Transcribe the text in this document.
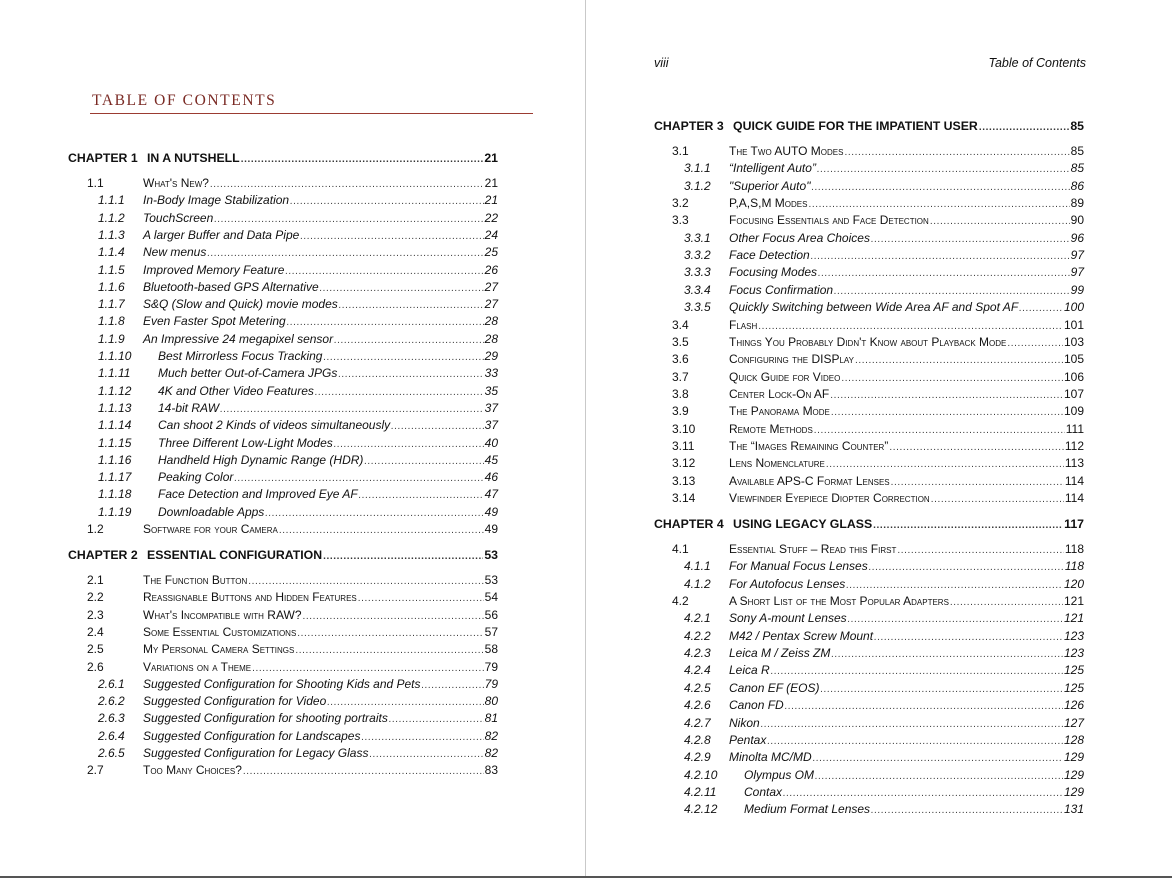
TABLE OF CONTENTS
CHAPTER 1 IN A NUTSHELL .....	21
1.1	What's New? .....	21
1.1.1 In-Body Image Stabilization .....	21
1.1.2 TouchScreen .....	22
1.1.3 A larger Buffer and Data Pipe .....	24
1.1.4 New menus .....	25
1.1.5 Improved Memory Feature .....	26
1.1.6 Bluetooth-based GPS Alternative .....	27
1.1.7 S&Q (Slow and Quick) movie modes .....	27
1.1.8 Even Faster Spot Metering .....	28
1.1.9 An Impressive 24 megapixel sensor .....	28
1.1.10 Best Mirrorless Focus Tracking .....	29
1.1.11 Much better Out-of-Camera JPGs .....	33
1.1.12 4K and Other Video Features .....	35
1.1.13 14-bit RAW .....	37
1.1.14 Can shoot 2 Kinds of videos simultaneously .....	37
1.1.15 Three Different Low-Light Modes .....	40
1.1.16 Handheld High Dynamic Range (HDR) .....	45
1.1.17 Peaking Color .....	46
1.1.18 Face Detection and Improved Eye AF .....	47
1.1.19 Downloadable Apps .....	49
1.2	Software for your Camera .....	49
CHAPTER 2 ESSENTIAL CONFIGURATION .....	53
2.1	The Function Button .....	53
2.2	Reassignable Buttons and Hidden Features .....	54
2.3	What's Incompatible with RAW? .....	56
2.4	Some Essential Customizations .....	57
2.5	My Personal Camera Settings .....	58
2.6	Variations on a Theme .....	79
2.6.1 Suggested Configuration for Shooting Kids and Pets .....	79
2.6.2 Suggested Configuration for Video .....	80
2.6.3 Suggested Configuration for shooting portraits .....	81
2.6.4 Suggested Configuration for Landscapes .....	82
2.6.5 Suggested Configuration for Legacy Glass .....	82
2.7	Too Many Choices? .....	83
viii	Table of Contents
CHAPTER 3 QUICK GUIDE FOR THE IMPATIENT USER .....	85
3.1	The Two AUTO Modes .....	85
3.1.1 “Intelligent Auto” .....	85
3.1.2 "Superior Auto" .....	86
3.2	P,A,S,M Modes .....	89
3.3	Focusing Essentials and Face Detection .....	90
3.3.1 Other Focus Area Choices .....	96
3.3.2 Face Detection .....	97
3.3.3 Focusing Modes .....	97
3.3.4 Focus Confirmation .....	99
3.3.5 Quickly Switching between Wide Area AF and Spot AF .....	100
3.4	Flash .....	101
3.5	Things You Probably Didn't Know about Playback Mode .....	103
3.6	Configuring the DISPlay .....	105
3.7	Quick Guide for Video .....	106
3.8	Center Lock-On AF .....	107
3.9	The Panorama Mode .....	109
3.10	Remote Methods .....	111
3.11	The “Images Remaining Counter” .....	112
3.12	Lens Nomenclature .....	113
3.13	Available APS-C Format Lenses .....	114
3.14	Viewfinder Eyepiece Diopter Correction .....	114
CHAPTER 4 USING LEGACY GLASS .....	117
4.1	Essential Stuff – Read this First .....	118
4.1.1 For Manual Focus Lenses .....	118
4.1.2 For Autofocus Lenses .....	120
4.2	A Short List of the Most Popular Adapters .....	121
4.2.1 Sony A-mount Lenses .....	121
4.2.2 M42 / Pentax Screw Mount .....	123
4.2.3 Leica M / Zeiss ZM .....	123
4.2.4 Leica R .....	125
4.2.5 Canon EF (EOS) .....	125
4.2.6 Canon FD .....	126
4.2.7 Nikon .....	127
4.2.8 Pentax .....	128
4.2.9 Minolta MC/MD .....	129
4.2.10 Olympus OM .....	129
4.2.11 Contax .....	129
4.2.12 Medium Format Lenses .....	131
